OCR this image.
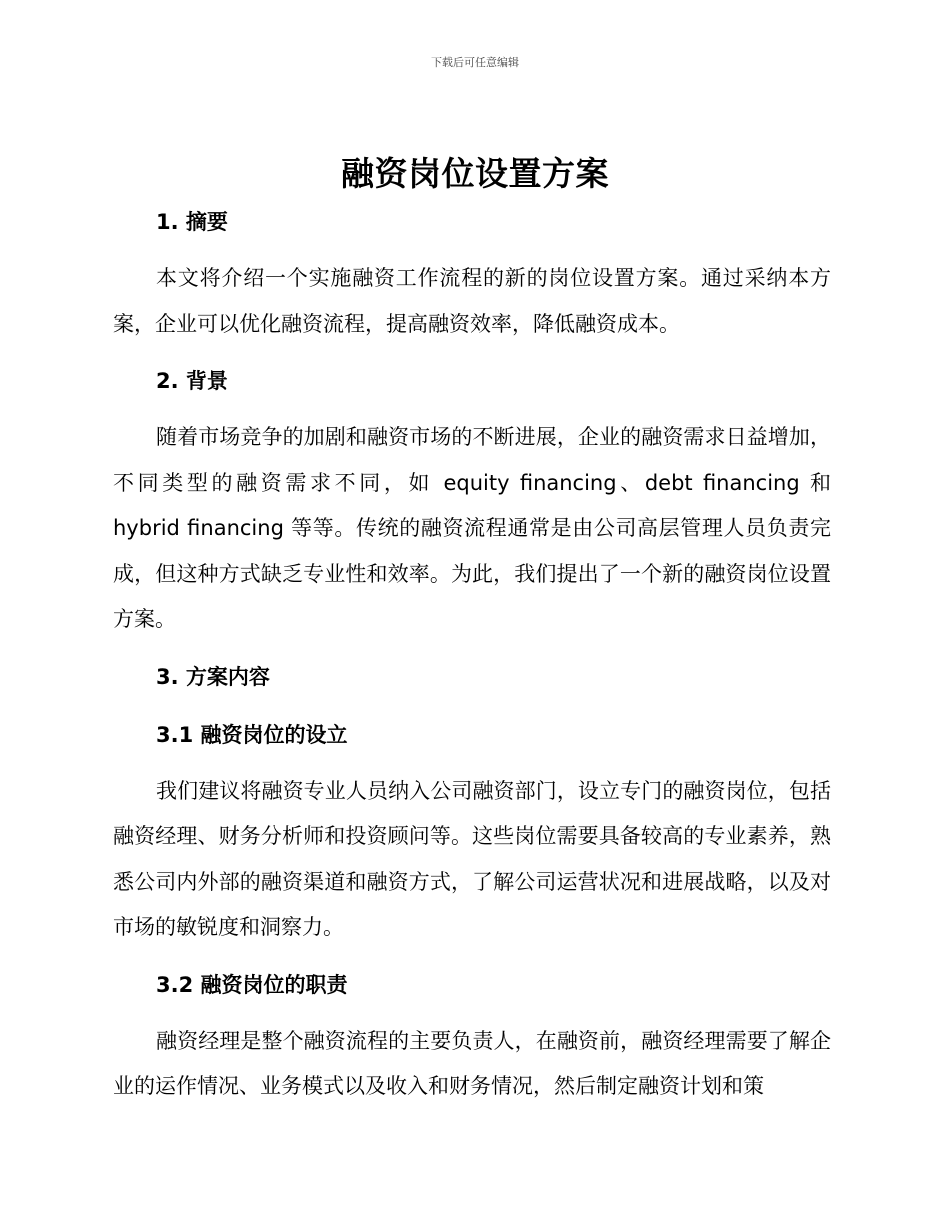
下载后可任意编辑
融资岗位设置方案

1. 摘要

本文将介绍一个实施融资工作流程的新的岗位设置方案。通过采纳本方案，企业可以优化融资流程，提高融资效率，降低融资成本。

2. 背景

随着市场竞争的加剧和融资市场的不断进展，企业的融资需求日益增加，不同类型的融资需求不同，如 equity financing、debt financing 和 hybrid financing 等等。传统的融资流程通常是由公司高层管理人员负责完成，但这种方式缺乏专业性和效率。为此，我们提出了一个新的融资岗位设置方案。

3. 方案内容

3.1 融资岗位的设立

我们建议将融资专业人员纳入公司融资部门，设立专门的融资岗位，包括融资经理、财务分析师和投资顾问等。这些岗位需要具备较高的专业素养，熟悉公司内外部的融资渠道和融资方式，了解公司运营状况和进展战略，以及对市场的敏锐度和洞察力。

3.2 融资岗位的职责

融资经理是整个融资流程的主要负责人，在融资前，融资经理需要了解企业的运作情况、业务模式以及收入和财务情况，然后制定融资计划和策
